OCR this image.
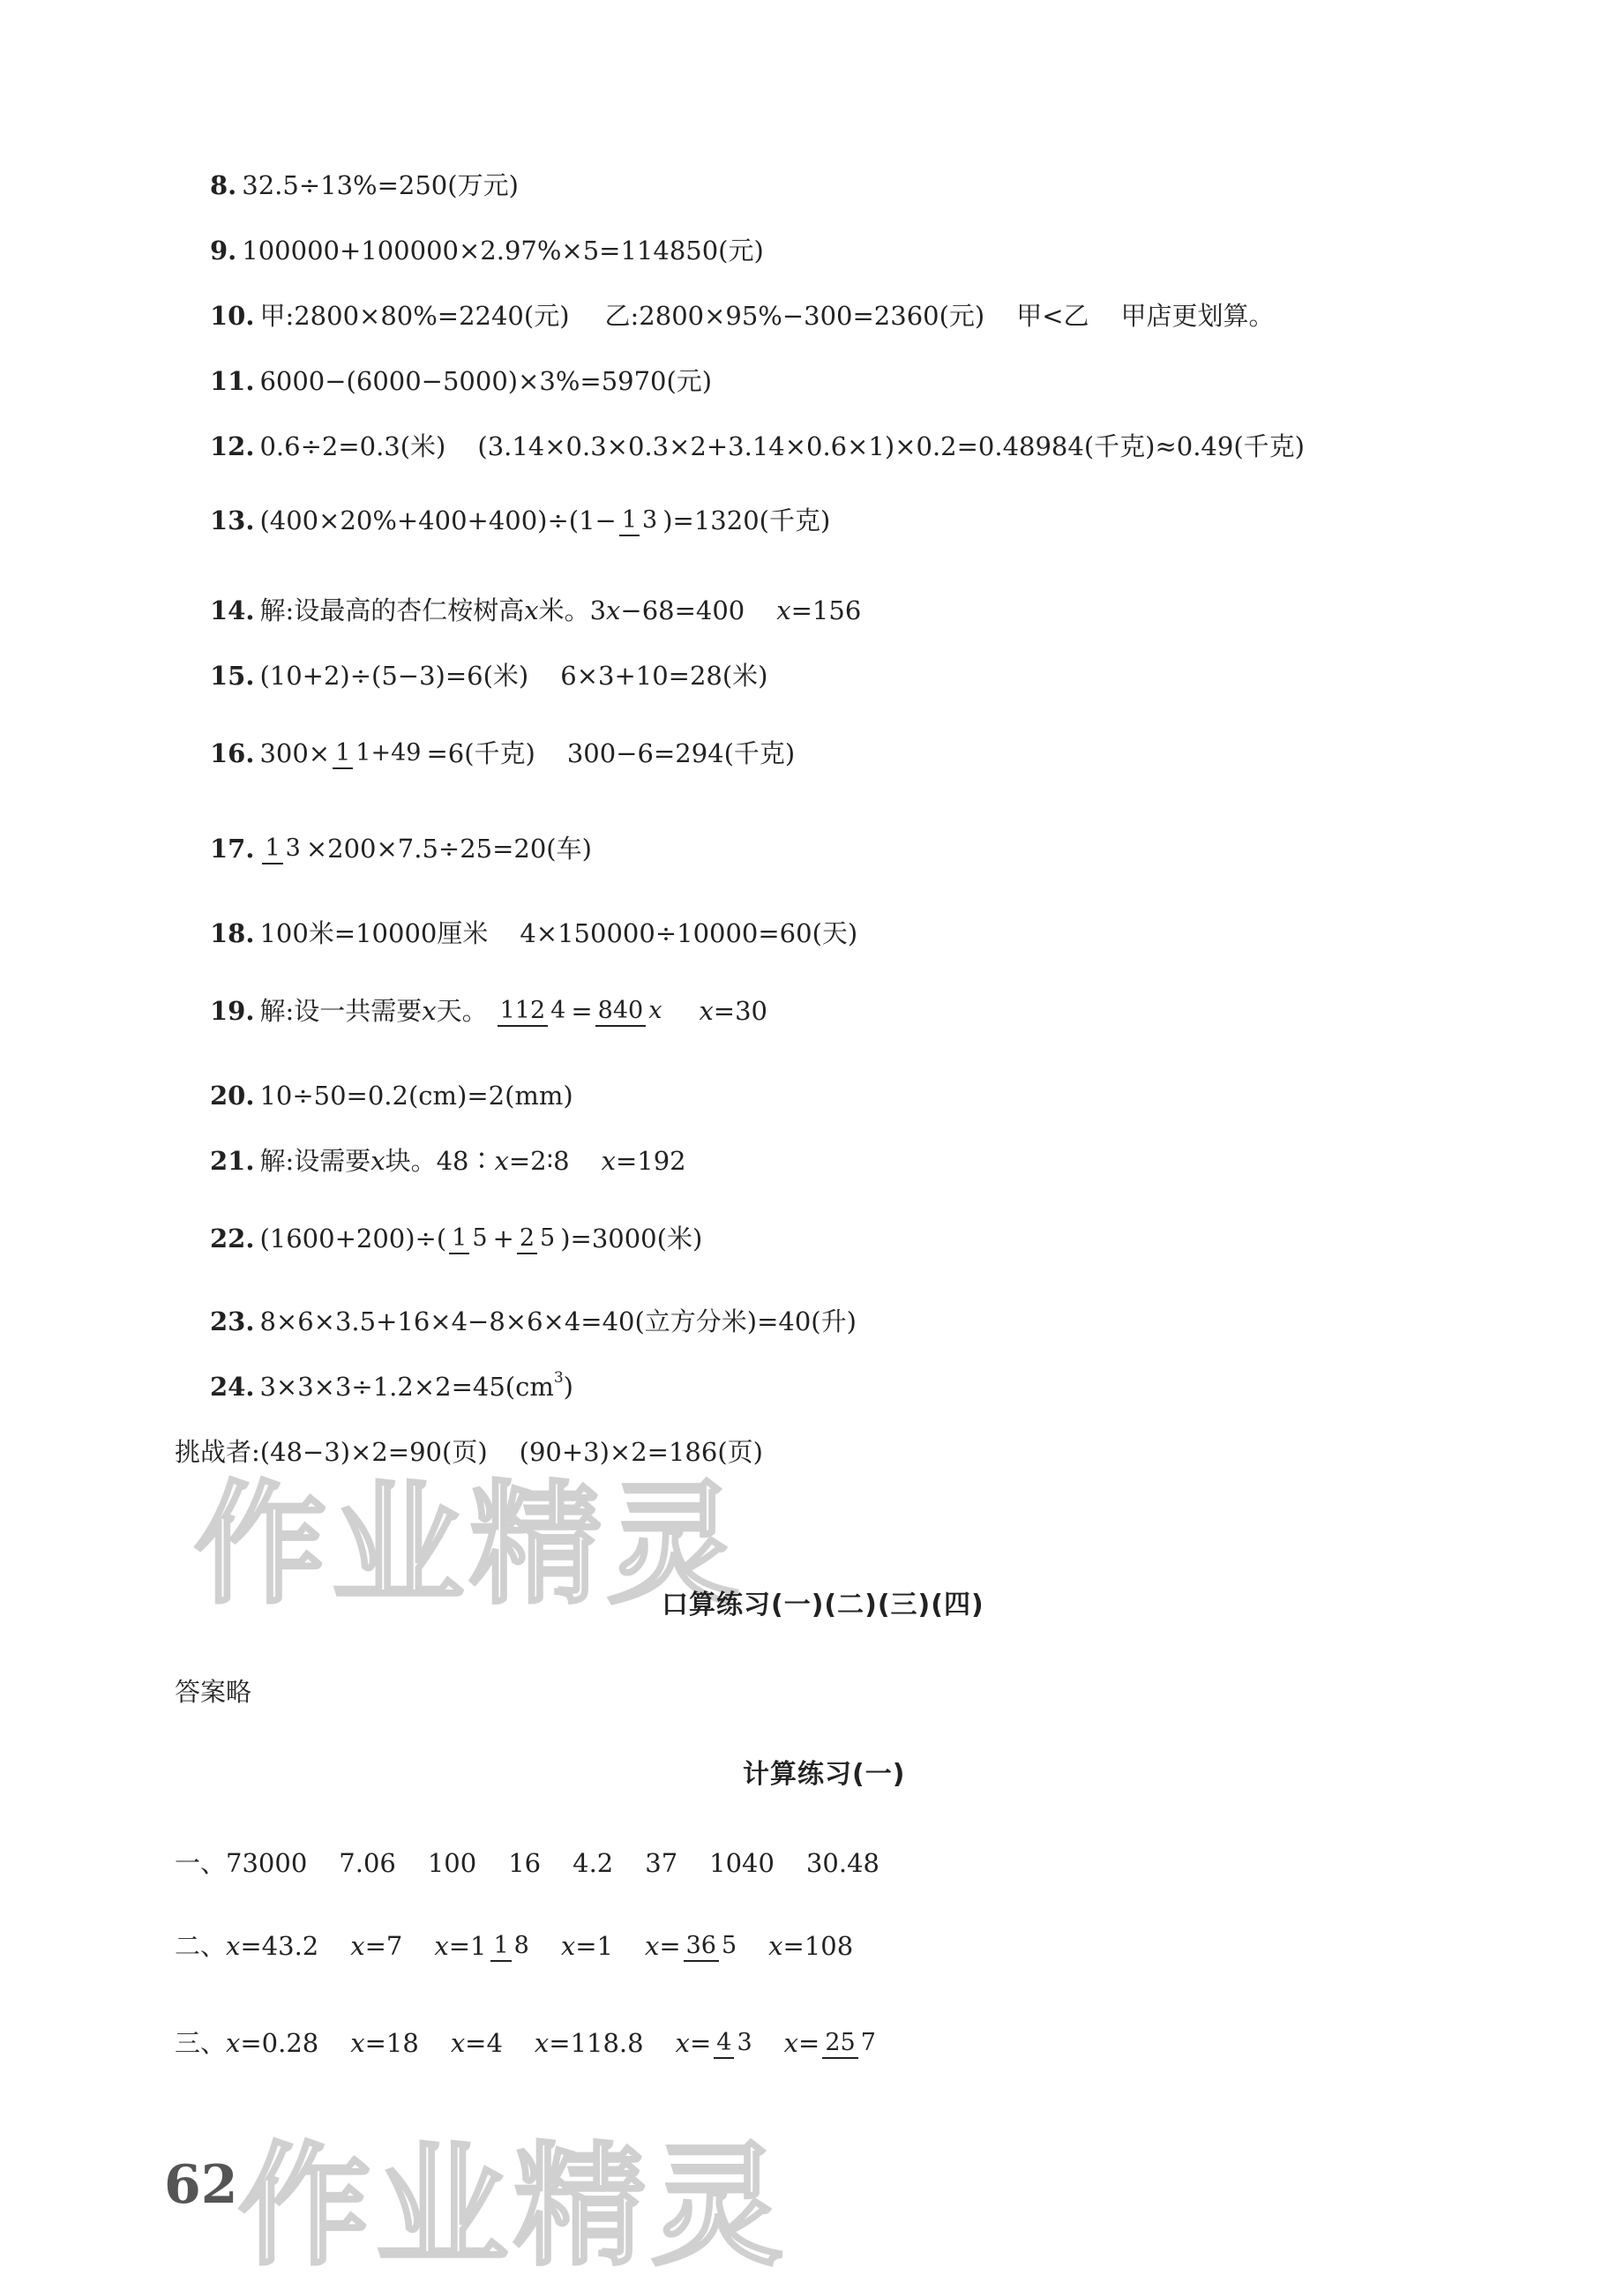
8. 32.5÷13%=250(万元)
9. 100000+100000×2.97%×5=114850(元)
10. 甲:2800×80%=2240(元) 乙:2800×95%−300=2360(元) 甲<乙 甲店更划算。
11. 6000−(6000−5000)×3%=5970(元)
12. 0.6÷2=0.3(米) (3.14×0.3×0.3×2+3.14×0.6×1)×0.2=0.48984(千克)≈0.49(千克)
13. (400×20%+400+400)÷(1− 1 3 )=1320(千克)
14. 解:设最高的杏仁桉树高 x 米。3 x −68=400 x =156
15. (10+2)÷(5−3)=6(米) 6×3+10=28(米)
16. 300× 1 1+49 =6(千克) 300−6=294(千克)
17. 1 3 ×200×7.5÷25=20(车)
18. 100米=10000厘米 4×150000÷10000=60(天)
19. 解:设一共需要 x 天。 112 4 = 840 x x =30
20. 10÷50=0.2(cm)=2(mm)
21. 解:设需要 x 块。48∶ x =2∶8 x =192
22. (1600+200)÷( 1 5 + 2 5 )=3000(米)
23. 8×6×3.5+16×4−8×6×4=40(立方分米)=40(升)
24. $3\times 3\times 3\div 1.2\times 2=45(cm^3$ )
挑战者:(48−3)×2=90(页) (90+3)×2=186(页)
作业精灵
口算练习(一)(二)(三)(四)
答案略
计算练习(一)
一、 73000 7.06 100 16 4.2 37 1040 30.48
二、 x =43.2 x =7 x =1 1 8 x =1 x = 36 5 x =108
三、 x =0.28 x =18 x =4 x =118.8 x = 4 3 x = 25 7
62 作业精灵
